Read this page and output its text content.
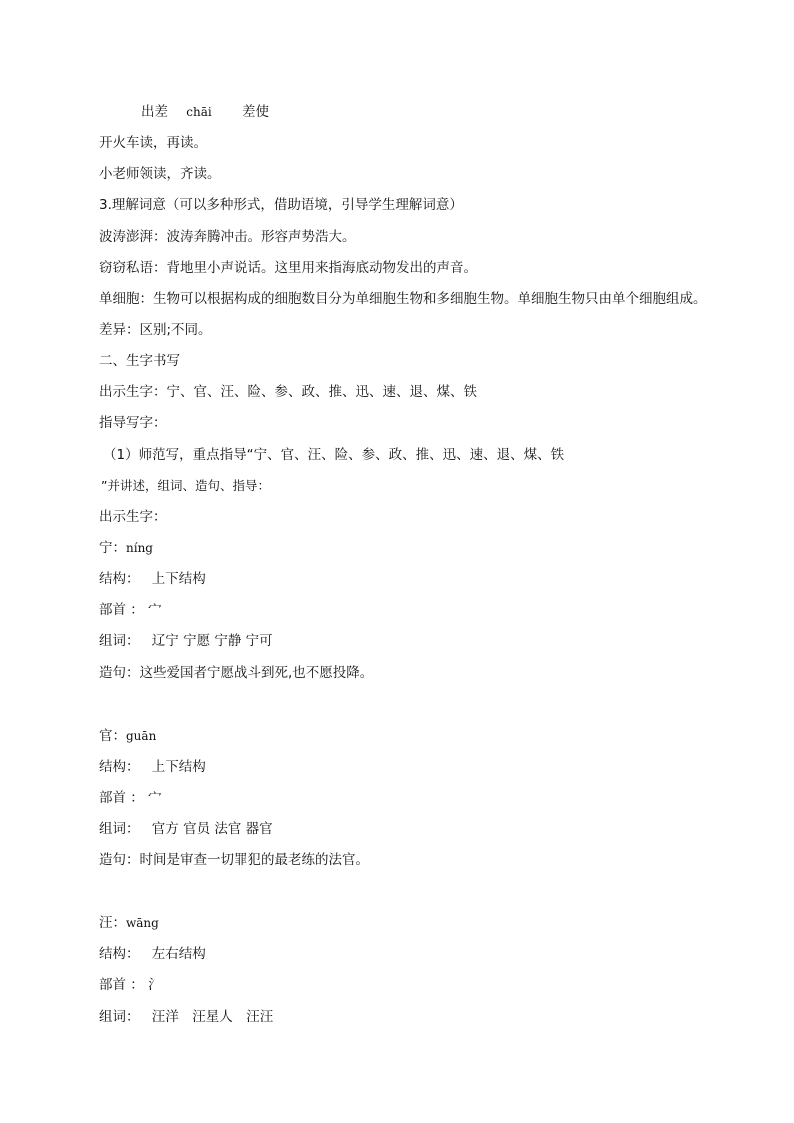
出差 chāi 差使
开火车读，再读。
小老师领读，齐读。
3.理解词意（可以多种形式，借助语境，引导学生理解词意）
波涛澎湃：波涛奔腾冲击。形容声势浩大。
窃窃私语：背地里小声说话。这里用来指海底动物发出的声音。
单细胞：生物可以根据构成的细胞数目分为单细胞生物和多细胞生物。单细胞生物只由单个细胞组成。
差异：区别;不同。
二、生字书写
出示生字：宁、官、汪、险、参、政、推、迅、速、退、煤、铁
指导写字：
（1）师范写，重点指导“宁、官、汪、险、参、政、推、迅、速、退、煤、铁
”并讲述，组词、造句、指导：
出示生字：
宁：níng
结构： 上下结构
部首 ： 宀
组词： 辽宁 宁愿 宁静 宁可
造句：这些爱国者宁愿战斗到死,也不愿投降。
官：guān
结构： 上下结构
部首 ： 宀
组词： 官方 官员 法官 器官
造句：时间是审查一切罪犯的最老练的法官。
汪：wāng
结构： 左右结构
部首 ： 氵
组词： 汪洋　汪星人　汪汪
